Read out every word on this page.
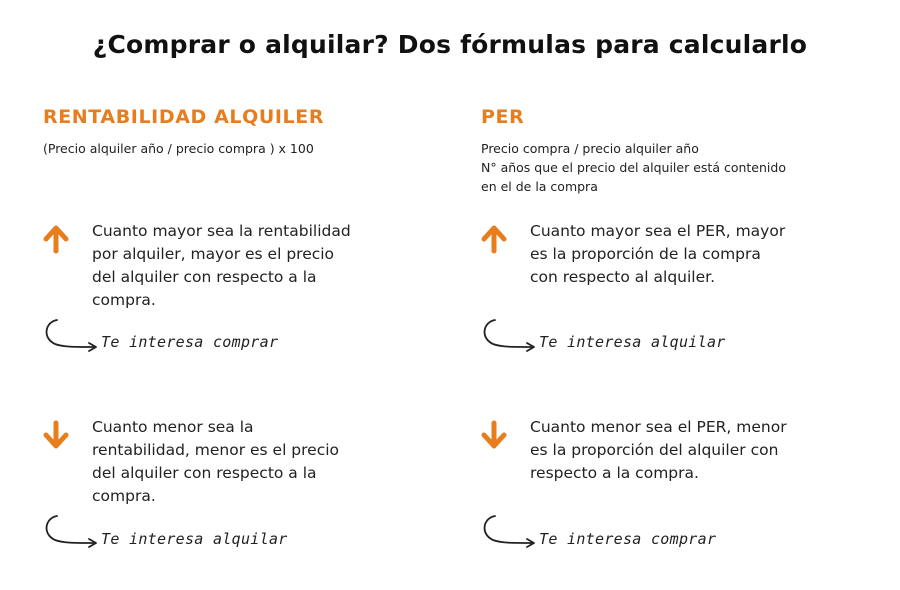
¿Comprar o alquilar? Dos fórmulas para calcularlo
RENTABILIDAD ALQUILER
(Precio alquiler año / precio compra ) x 100
Cuanto mayor sea la rentabilidad
por alquiler, mayor es el precio
del alquiler con respecto a la
compra.
Te interesa comprar
Cuanto menor sea la
rentabilidad, menor es el precio
del alquiler con respecto a la
compra.
Te interesa alquilar
PER
Precio compra / precio alquiler año
N° años que el precio del alquiler está contenido
en el de la compra
Cuanto mayor sea el PER, mayor
es la proporción de la compra
con respecto al alquiler.
Te interesa alquilar
Cuanto menor sea el PER, menor
es la proporción del alquiler con
respecto a la compra.
Te interesa comprar
